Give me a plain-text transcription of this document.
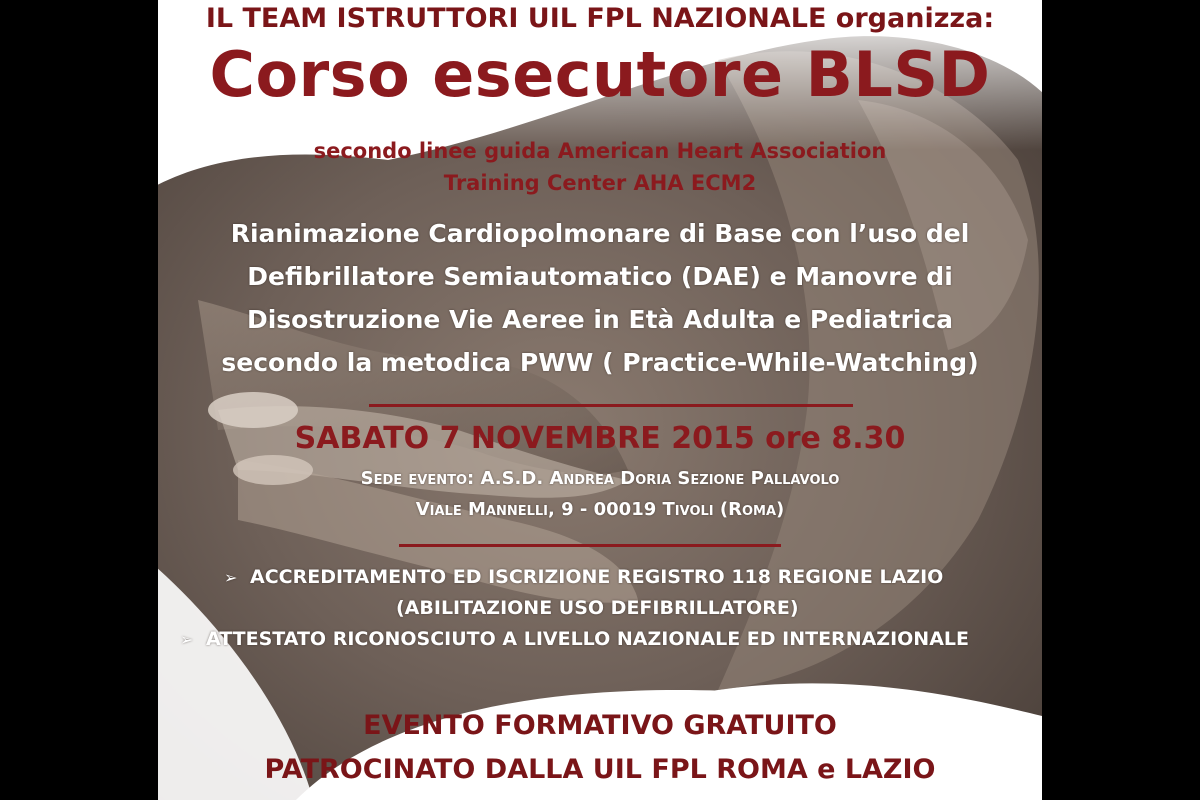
IL TEAM ISTRUTTORI UIL FPL NAZIONALE organizza:

Corso esecutore BLSD

secondo linee guida American Heart Association

Training Center AHA ECM2

Rianimazione Cardiopolmonare di Base con l’uso del

Defibrillatore Semiautomatico (DAE) e Manovre di

Disostruzione Vie Aeree in Età Adulta e Pediatrica

secondo la metodica PWW ( Practice-While-Watching)

SABATO 7 NOVEMBRE 2015 ore 8.30

Sede evento: A.S.D. Andrea Doria Sezione Pallavolo

Viale Mannelli, 9 - 00019 Tivoli (Roma)

➢ ACCREDITAMENTO ED ISCRIZIONE REGISTRO 118 REGIONE LAZIO
(ABILITAZIONE USO DEFIBRILLATORE)
➢ ATTESTATO RICONOSCIUTO A LIVELLO NAZIONALE ED INTERNAZIONALE

EVENTO FORMATIVO GRATUITO

PATROCINATO DALLA UIL FPL ROMA e LAZIO
